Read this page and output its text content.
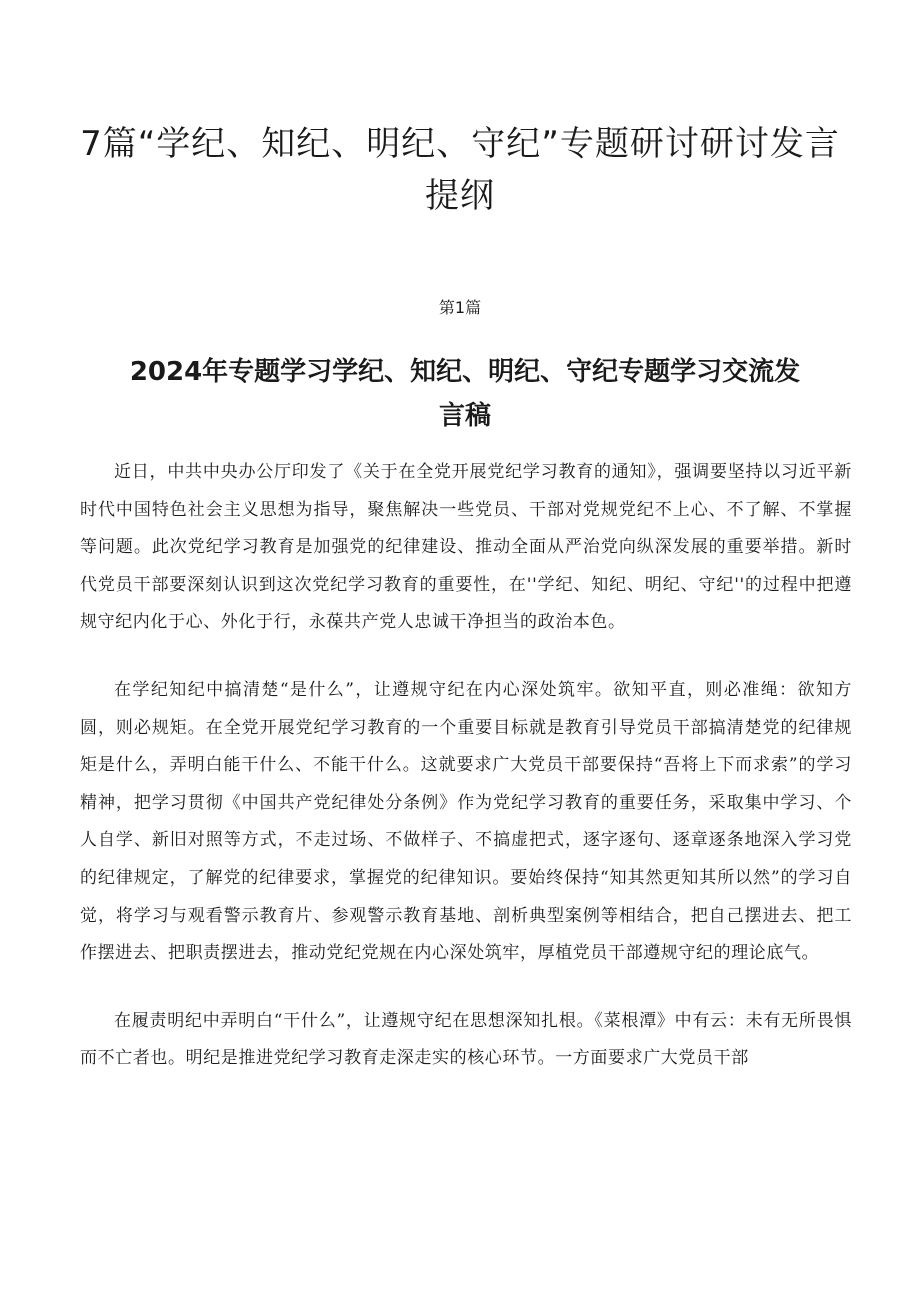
7篇“学纪、知纪、明纪、守纪”专题研讨研讨发言提纲
第1篇
2024年专题学习学纪、知纪、明纪、守纪专题学习交流发言稿

近日，中共中央办公厅印发了《关于在全党开展党纪学习教育的通知》，强调要坚持以习近平新时代中国特色社会主义思想为指导，聚焦解决一些党员、干部对党规党纪不上心、不了解、不掌握等问题。此次党纪学习教育是加强党的纪律建设、推动全面从严治党向纵深发展的重要举措。新时代党员干部要深刻认识到这次党纪学习教育的重要性，在''学纪、知纪、明纪、守纪''的过程中把遵规守纪内化于心、外化于行，永葆共产党人忠诚干净担当的政治本色。

在学纪知纪中搞清楚“是什么”，让遵规守纪在内心深处筑牢。欲知平直，则必准绳：欲知方圆，则必规矩。在全党开展党纪学习教育的一个重要目标就是教育引导党员干部搞清楚党的纪律规矩是什么，弄明白能干什么、不能干什么。这就要求广大党员干部要保持“吾将上下而求索”的学习精神，把学习贯彻《中国共产党纪律处分条例》作为党纪学习教育的重要任务，采取集中学习、个人自学、新旧对照等方式，不走过场、不做样子、不搞虚把式，逐字逐句、逐章逐条地深入学习党的纪律规定，了解党的纪律要求，掌握党的纪律知识。要始终保持“知其然更知其所以然”的学习自觉，将学习与观看警示教育片、参观警示教育基地、剖析典型案例等相结合，把自己摆进去、把工作摆进去、把职责摆进去，推动党纪党规在内心深处筑牢，厚植党员干部遵规守纪的理论底气。

在履责明纪中弄明白“干什么”，让遵规守纪在思想深知扎根。《菜根潭》中有云：未有无所畏惧而不亡者也。明纪是推进党纪学习教育走深走实的核心环节。一方面要求广大党员干部
